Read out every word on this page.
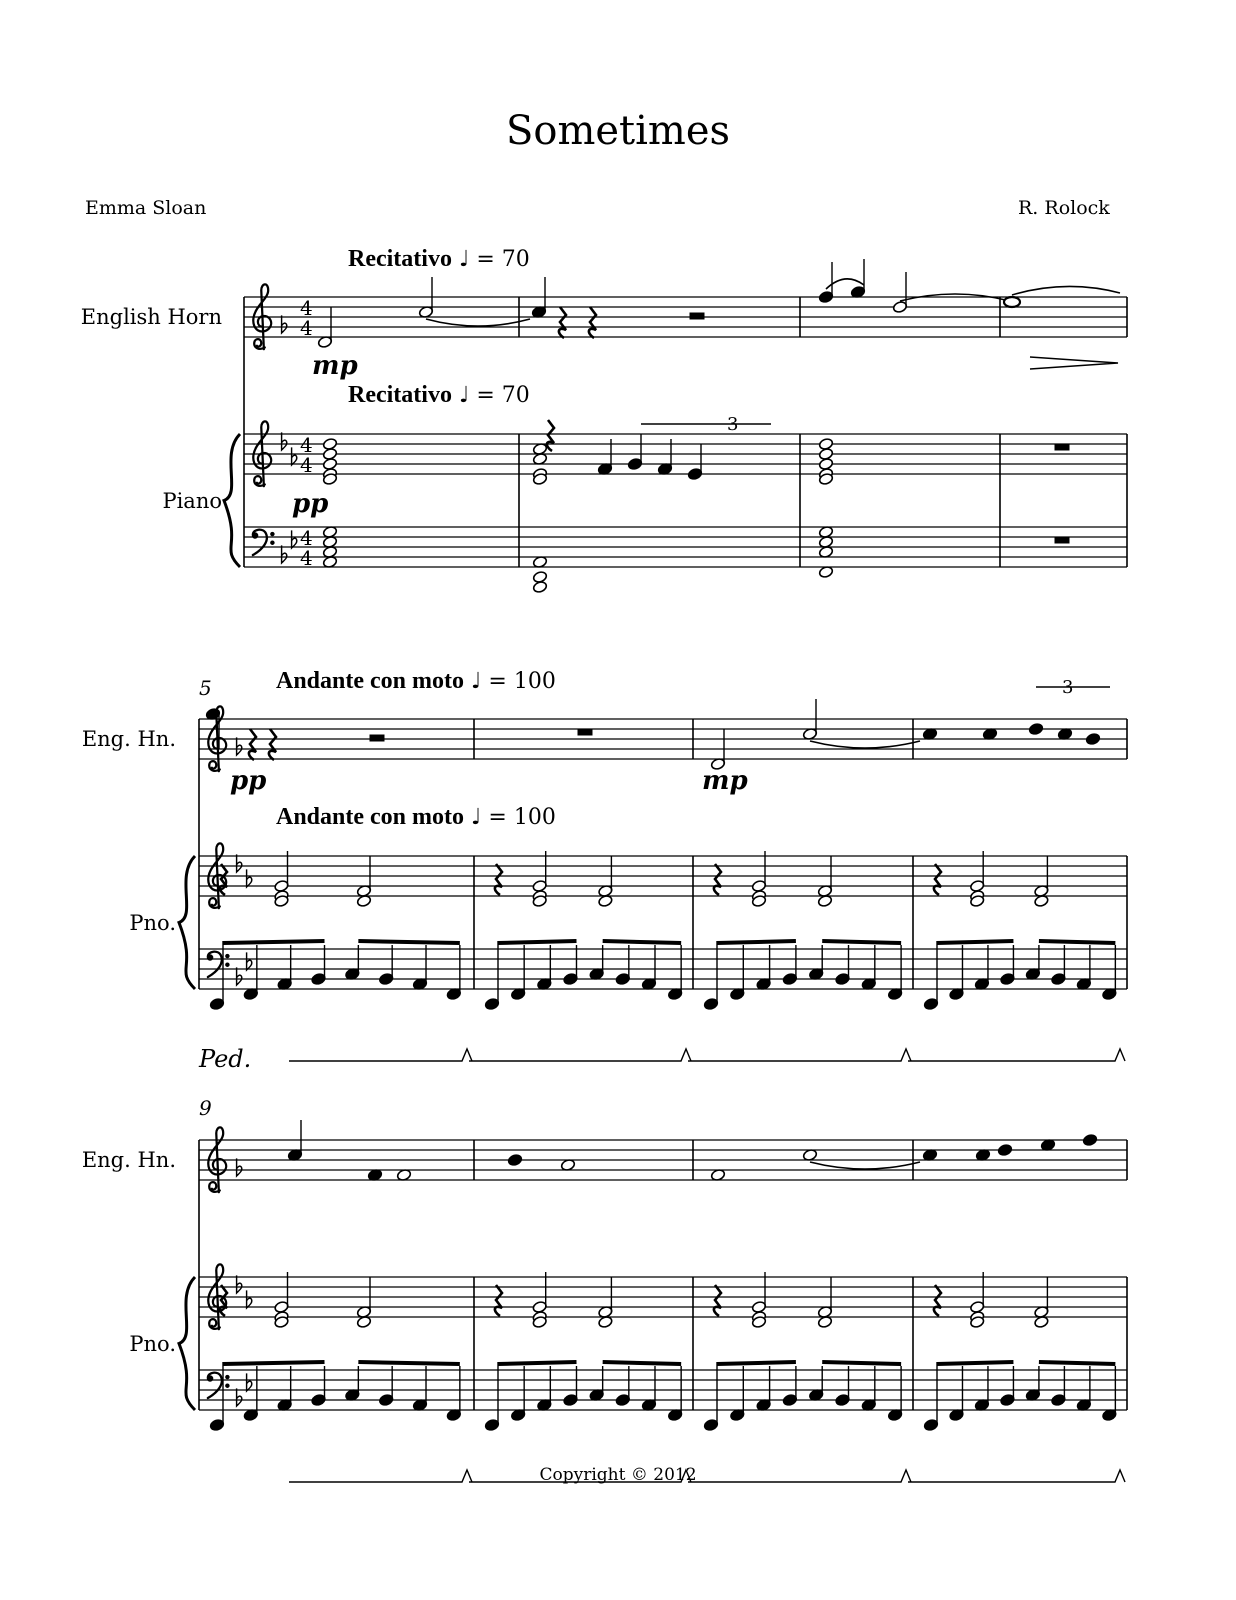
Sometimes
Emma Sloan	R. Rolock
Recitativo ♩ = 70
Recitativo ♩ = 70
Andante con moto ♩ = 100
Andante con moto ♩ = 100
English Horn
Piano
Eng. Hn.
Pno.
Eng. Hn.
Pno.
5
9
Copyright © 2012
4
4
4
4
4
4
mp
pp
3
Ped.
3
pp	mp
